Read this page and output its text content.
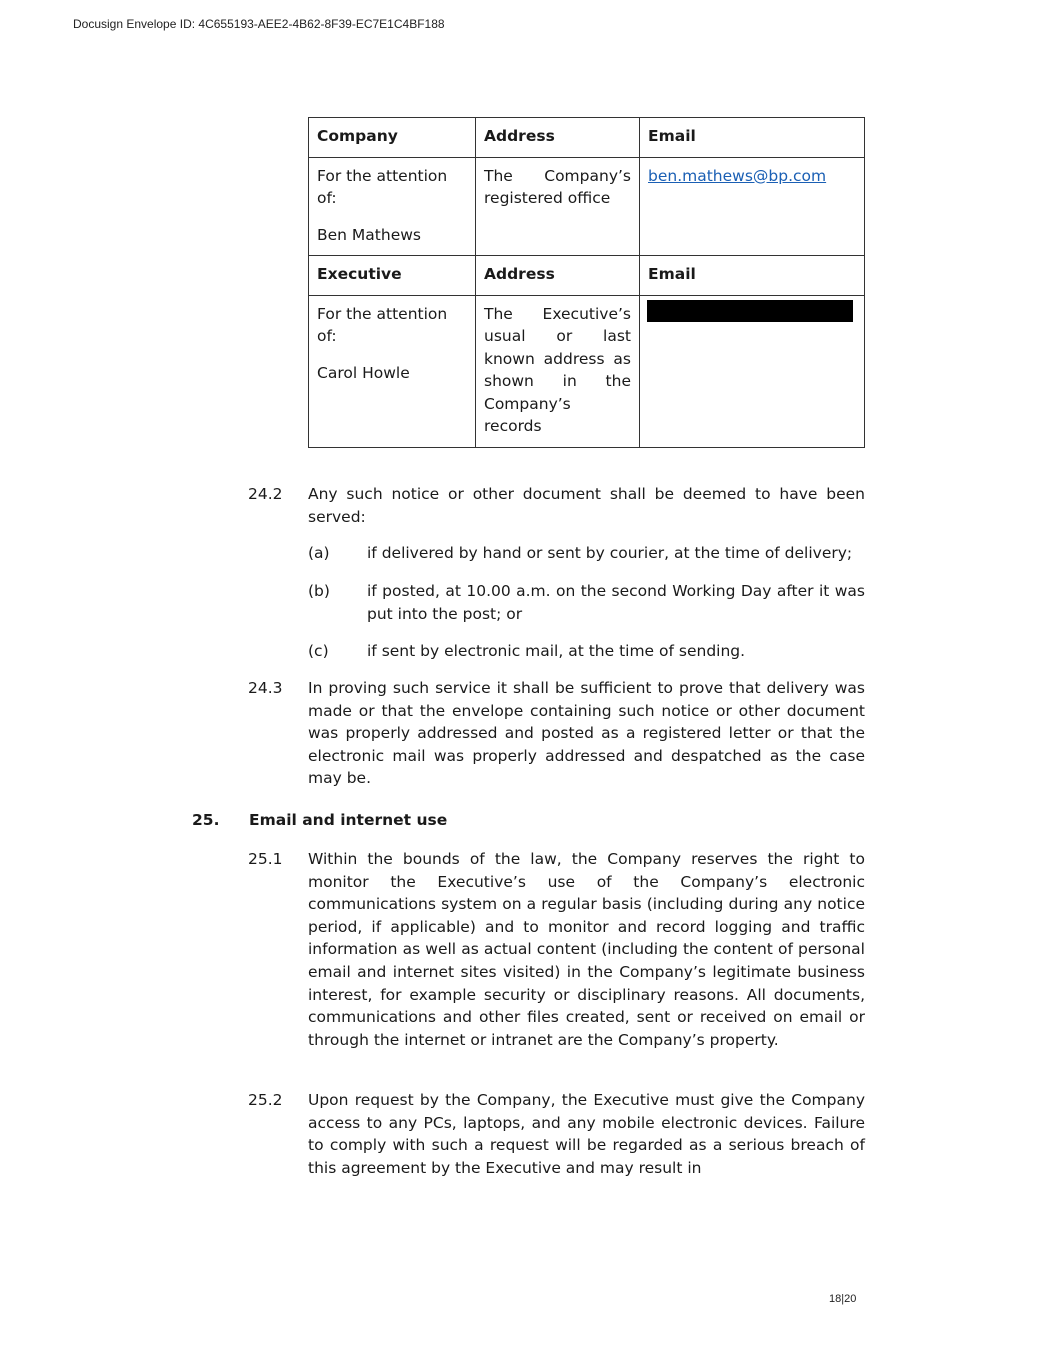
Docusign Envelope ID: 4C655193-AEE2-4B62-8F39-EC7E1C4BF188
Company	Address	Email
For the attention of:
Ben Mathews	The Company’s registered office	ben.mathews@bp.com
Executive	Address	Email
For the attention of:
Carol Howle	The Executive’s usual or last known address as shown in the Company’s records	
24.2 Any such notice or other document shall be deemed to have been served:
(a) if delivered by hand or sent by courier, at the time of delivery;
(b) if posted, at 10.00 a.m. on the second Working Day after it was put into the post; or
(c) if sent by electronic mail, at the time of sending.
24.3 In proving such service it shall be sufficient to prove that delivery was made or that the envelope containing such notice or other document was properly addressed and posted as a registered letter or that the electronic mail was properly addressed and despatched as the case may be.
25. Email and internet use
25.1 Within the bounds of the law, the Company reserves the right to monitor the Executive’s use of the Company’s electronic communications system on a regular basis (including during any notice period, if applicable) and to monitor and record logging and traffic information as well as actual content (including the content of personal email and internet sites visited) in the Company’s legitimate business interest, for example security or disciplinary reasons. All documents, communications and other files created, sent or received on email or through the internet or intranet are the Company’s property.
25.2 Upon request by the Company, the Executive must give the Company access to any PCs, laptops, and any mobile electronic devices. Failure to comply with such a request will be regarded as a serious breach of this agreement by the Executive and may result in
18|20
